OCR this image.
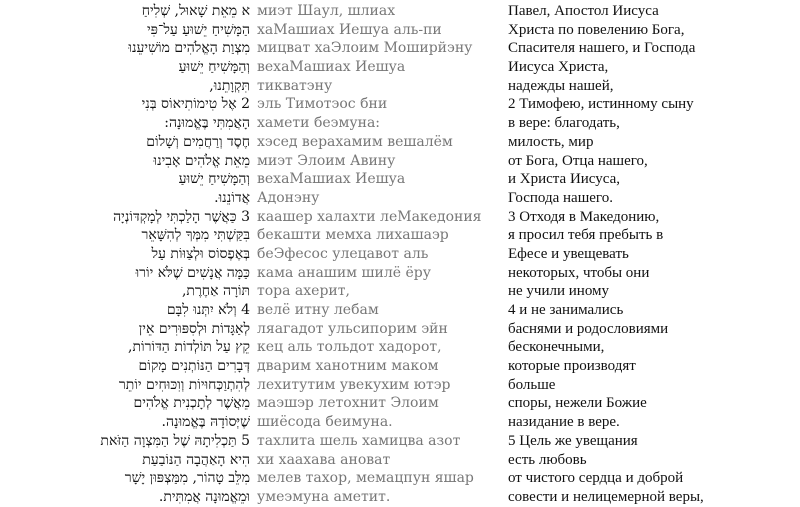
א מֵאֵת שָׁאוּל, שְׁלִיחַ
הַמָּשִׁיחַ יֵשׁוּעַ עַל־פִּי
מִצְוַת הָאֱלֹהִים מוֹשִׁיעֵנוּ
וְהַמָּשִׁיחַ יֵשׁוּעַ
תִּקְוָתֵנוּ,
2 אֶל טִימוֹתִיאוֹס בְּנִי
הָאֲמִתִּי בֶּאֱמוּנָה:
חֶסֶד וְרַחֲמִים וְשָׁלוֹם
מֵאֵת אֱלֹהִים אָבִינוּ
וְהַמָּשִׁיחַ יֵשׁוּעַ
אֲדוֹנֵנוּ.
3 כַּאֲשֶׁר הָלַכְתִּי לְמָקְדּוֹנְיָה
בִּקַּשְׁתִּי מִמְּךָ לְהִשָּׁאֵר
בְּאֶפֶסוֹס וּלְצַוּוֹת עַל
כַּמָּה אֲנָשִׁים שֶׁלֹּא יוֹרוּ
תּוֹרָה אַחֶרֶת,
4 וְלֹא יִתְּנוּ לִבָּם
לְאַגָּדוֹת וּלְסִפּוּרִים אֵין
קֵץ עַל תּוֹלְדוֹת הַדּוֹרוֹת,
דְּבָרִים הַנּוֹתְנִים מָקוֹם
לְהִתְוַכְּחוּיוֹת וְוִכּוּחִים יוֹתֵר
מֵאֲשֶׁר לְתָכְנִית אֱלֹהִים
שֶׁיְּסוֹדָהּ בֶּאֱמוּנָה.
5 תַּכְלִיתָהּ שֶׁל הַמִּצְוָה הַזֹּאת
הִיא הָאַהֲבָה הַנּוֹבַעַת
מִלֵּב טָהוֹר, מִמַּצְפּוּן יָשָׁר
וּמֵאֱמוּנָה אֲמִתִּית.
миэт Шаул, шлиах
хаМашиах Иешуа аль-пи
мицват хаЭлоим Моширйэну
вехаМашиах Иешуа
тикватэну
эль Тимотэос бни
хамети беэмуна:
хэсед верахамим вешалём
миэт Элоим Авину
вехаМашиах Иешуа
Адонэну
каашер халахти леМакедония
бекашти мемха лихашаэр
беЭфесос улецавот аль
кама анашим шилё ёру
тора ахерит,
велё итну лебам
ляагадот ульсипорим эйн
кец аль тольдот хадорот,
дварим ханотним маком
лехитутим увекухим ютэр
маэшэр летохнит Элоим
шиёсода беимуна.
тахлита шель хамицва азот
хи хаахава ановат
мелев тахор, мемацпун яшар
умеэмуна аметит.
Павел, Апостол Иисуса
Христа по повелению Бога,
Спасителя нашего, и Господа
Иисуса Христа,
надежды нашей,
2 Тимофею, истинному сыну
в вере: благодать,
милость, мир
от Бога, Отца нашего,
и Христа Иисуса,
Господа нашего.
3 Отходя в Македонию,
я просил тебя пребыть в
Ефесе и увещевать
некоторых, чтобы они
не учили иному
4 и не занимались
баснями и родословиями
бесконечными,
которые производят
больше
споры, нежели Божие
назидание в вере.
5 Цель же увещания
есть любовь
от чистого сердца и доброй
совести и нелицемерной веры,
